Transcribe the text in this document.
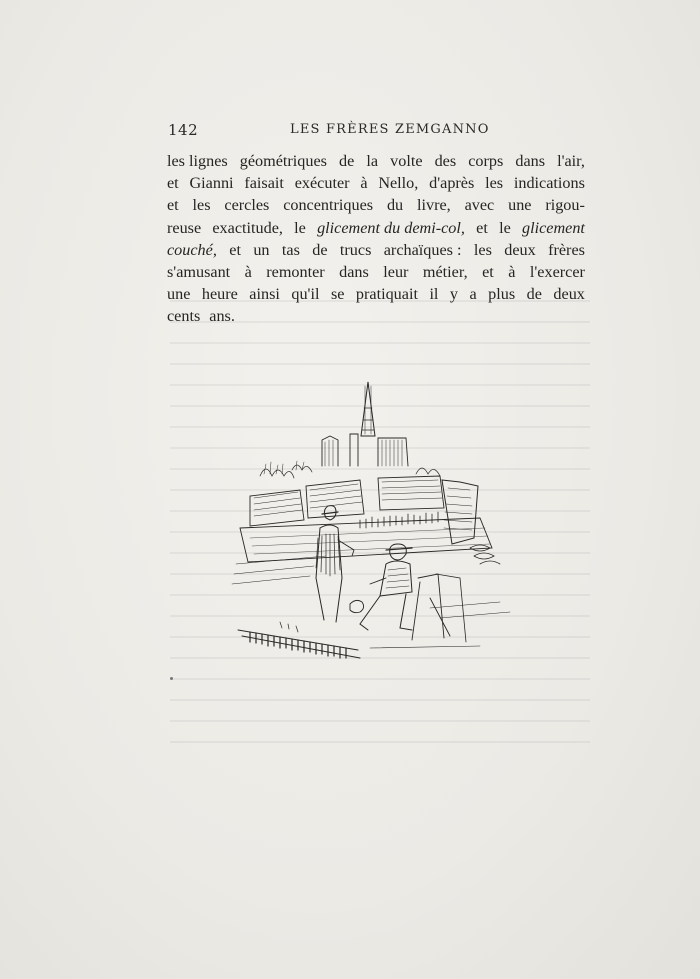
142	LES FRÈRES ZEMGANNO
les lignes géométriques de la volte des corps dans l'air,
et Gianni faisait exécuter à Nello, d'après les indications
et les cercles concentriques du livre, avec une rigou-
reuse exactitude, le glicement du demi-col, et le glicement
couché, et un tas de trucs archaïques : les deux frères
s'amusant à remonter dans leur métier, et à l'exercer
une heure ainsi qu'il se pratiquait il y a plus de deux
cents ans.
